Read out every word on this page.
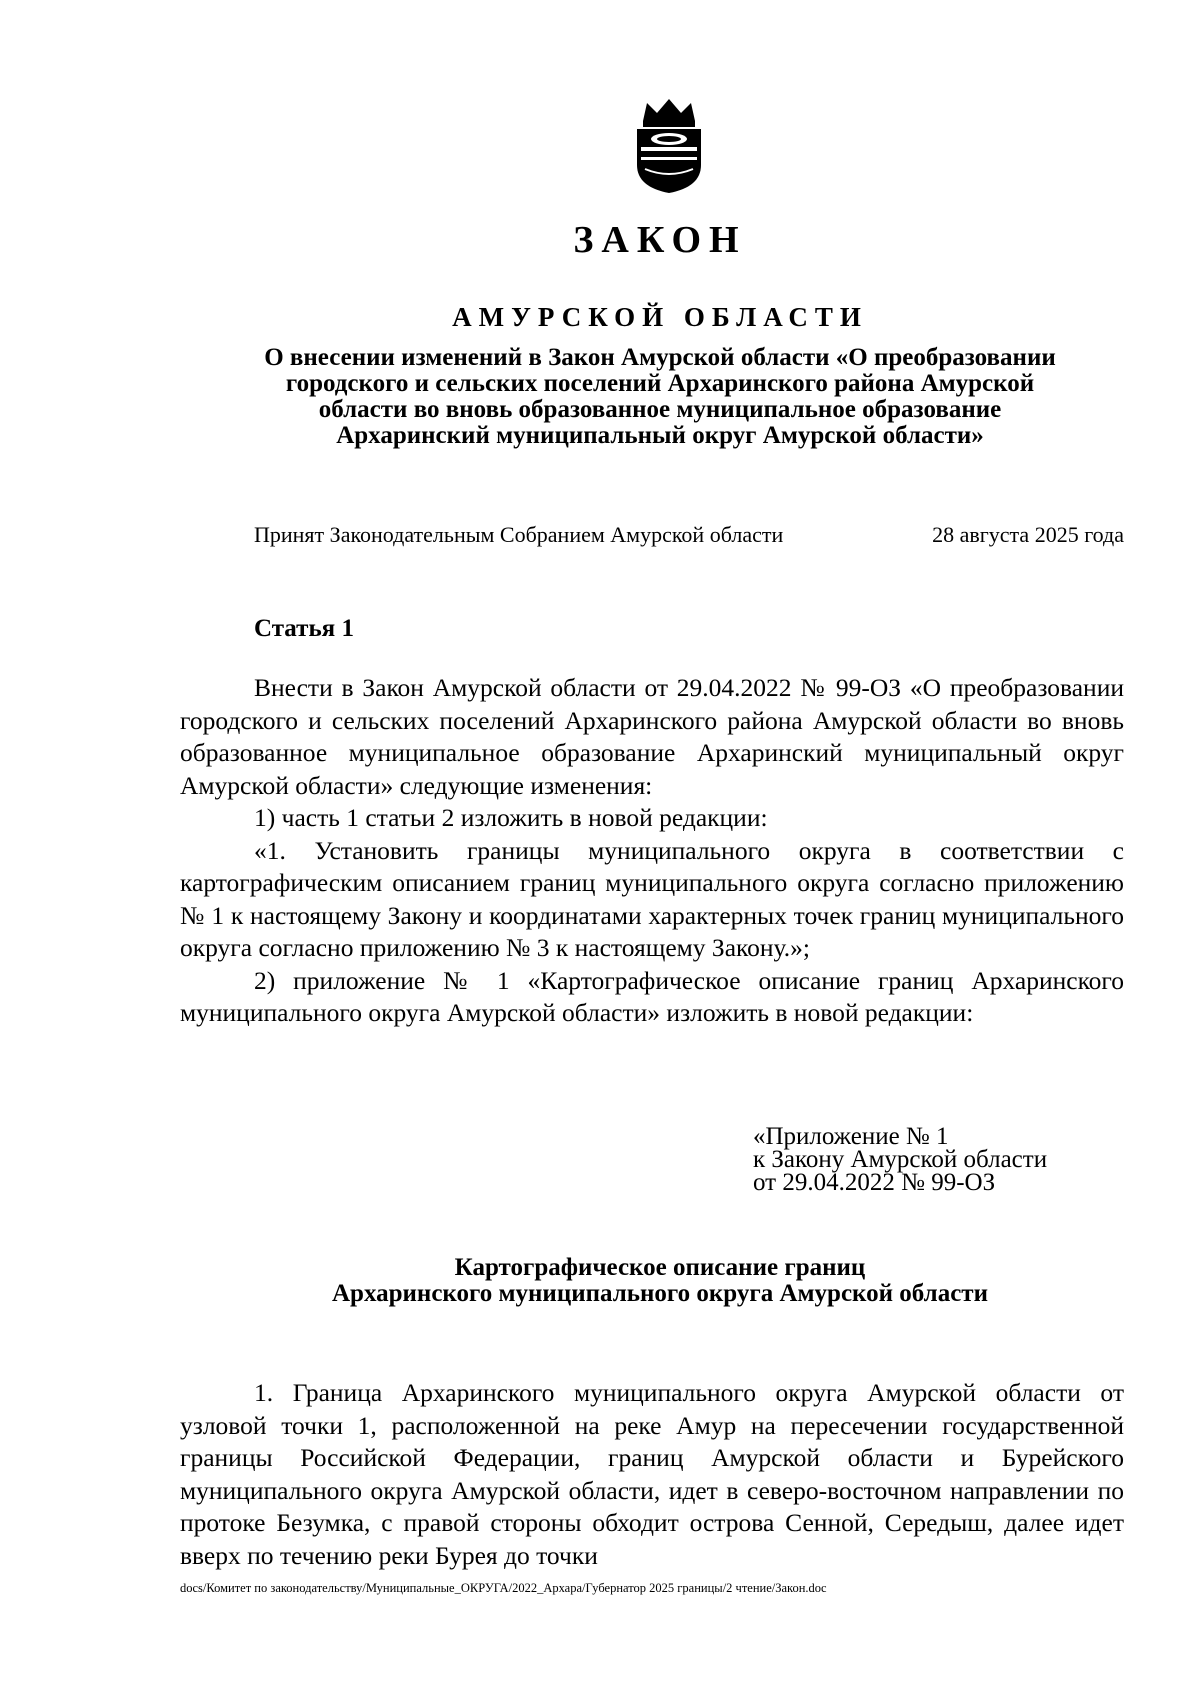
ЗАКОН
АМУРСКОЙ ОБЛАСТИ
О внесении изменений в Закон Амурской области «О преобразовании
городского и сельских поселений Архаринского района Амурской
области во вновь образованное муниципальное образование
Архаринский муниципальный округ Амурской области»
Принят Законодательным Собранием Амурской области	28 августа 2025 года
Статья 1

Внести в Закон Амурской области от 29.04.2022 № 99-ОЗ «О преобразовании городского и сельских поселений Архаринского района Амурской области во вновь образованное муниципальное образование Архаринский муниципальный округ Амурской области» следующие изменения:

1) часть 1 статьи 2 изложить в новой редакции:

«1. Установить границы муниципального округа в соответствии с картографическим описанием границ муниципального округа согласно приложению № 1 к настоящему Закону и координатами характерных точек границ муниципального округа согласно приложению № 3 к настоящему Закону.»;

2) приложение № 1 «Картографическое описание границ Архаринского муниципального округа Амурской области» изложить в новой редакции:

«Приложение № 1
к Закону Амурской области
от 29.04.2022 № 99-ОЗ
Картографическое описание границ
Архаринского муниципального округа Амурской области

1. Граница Архаринского муниципального округа Амурской области от узловой точки 1, расположенной на реке Амур на пересечении государственной границы Российской Федерации, границ Амурской области и Бурейского муниципального округа Амурской области, идет в северо-восточном направлении по протоке Безумка, с правой стороны обходит острова Сенной, Середыш, далее идет вверх по течению реки Бурея до точки

docs/Комитет по законодательству/Муниципальные_ОКРУГА/2022_Архара/Губернатор 2025 границы/2 чтение/Закон.doc
